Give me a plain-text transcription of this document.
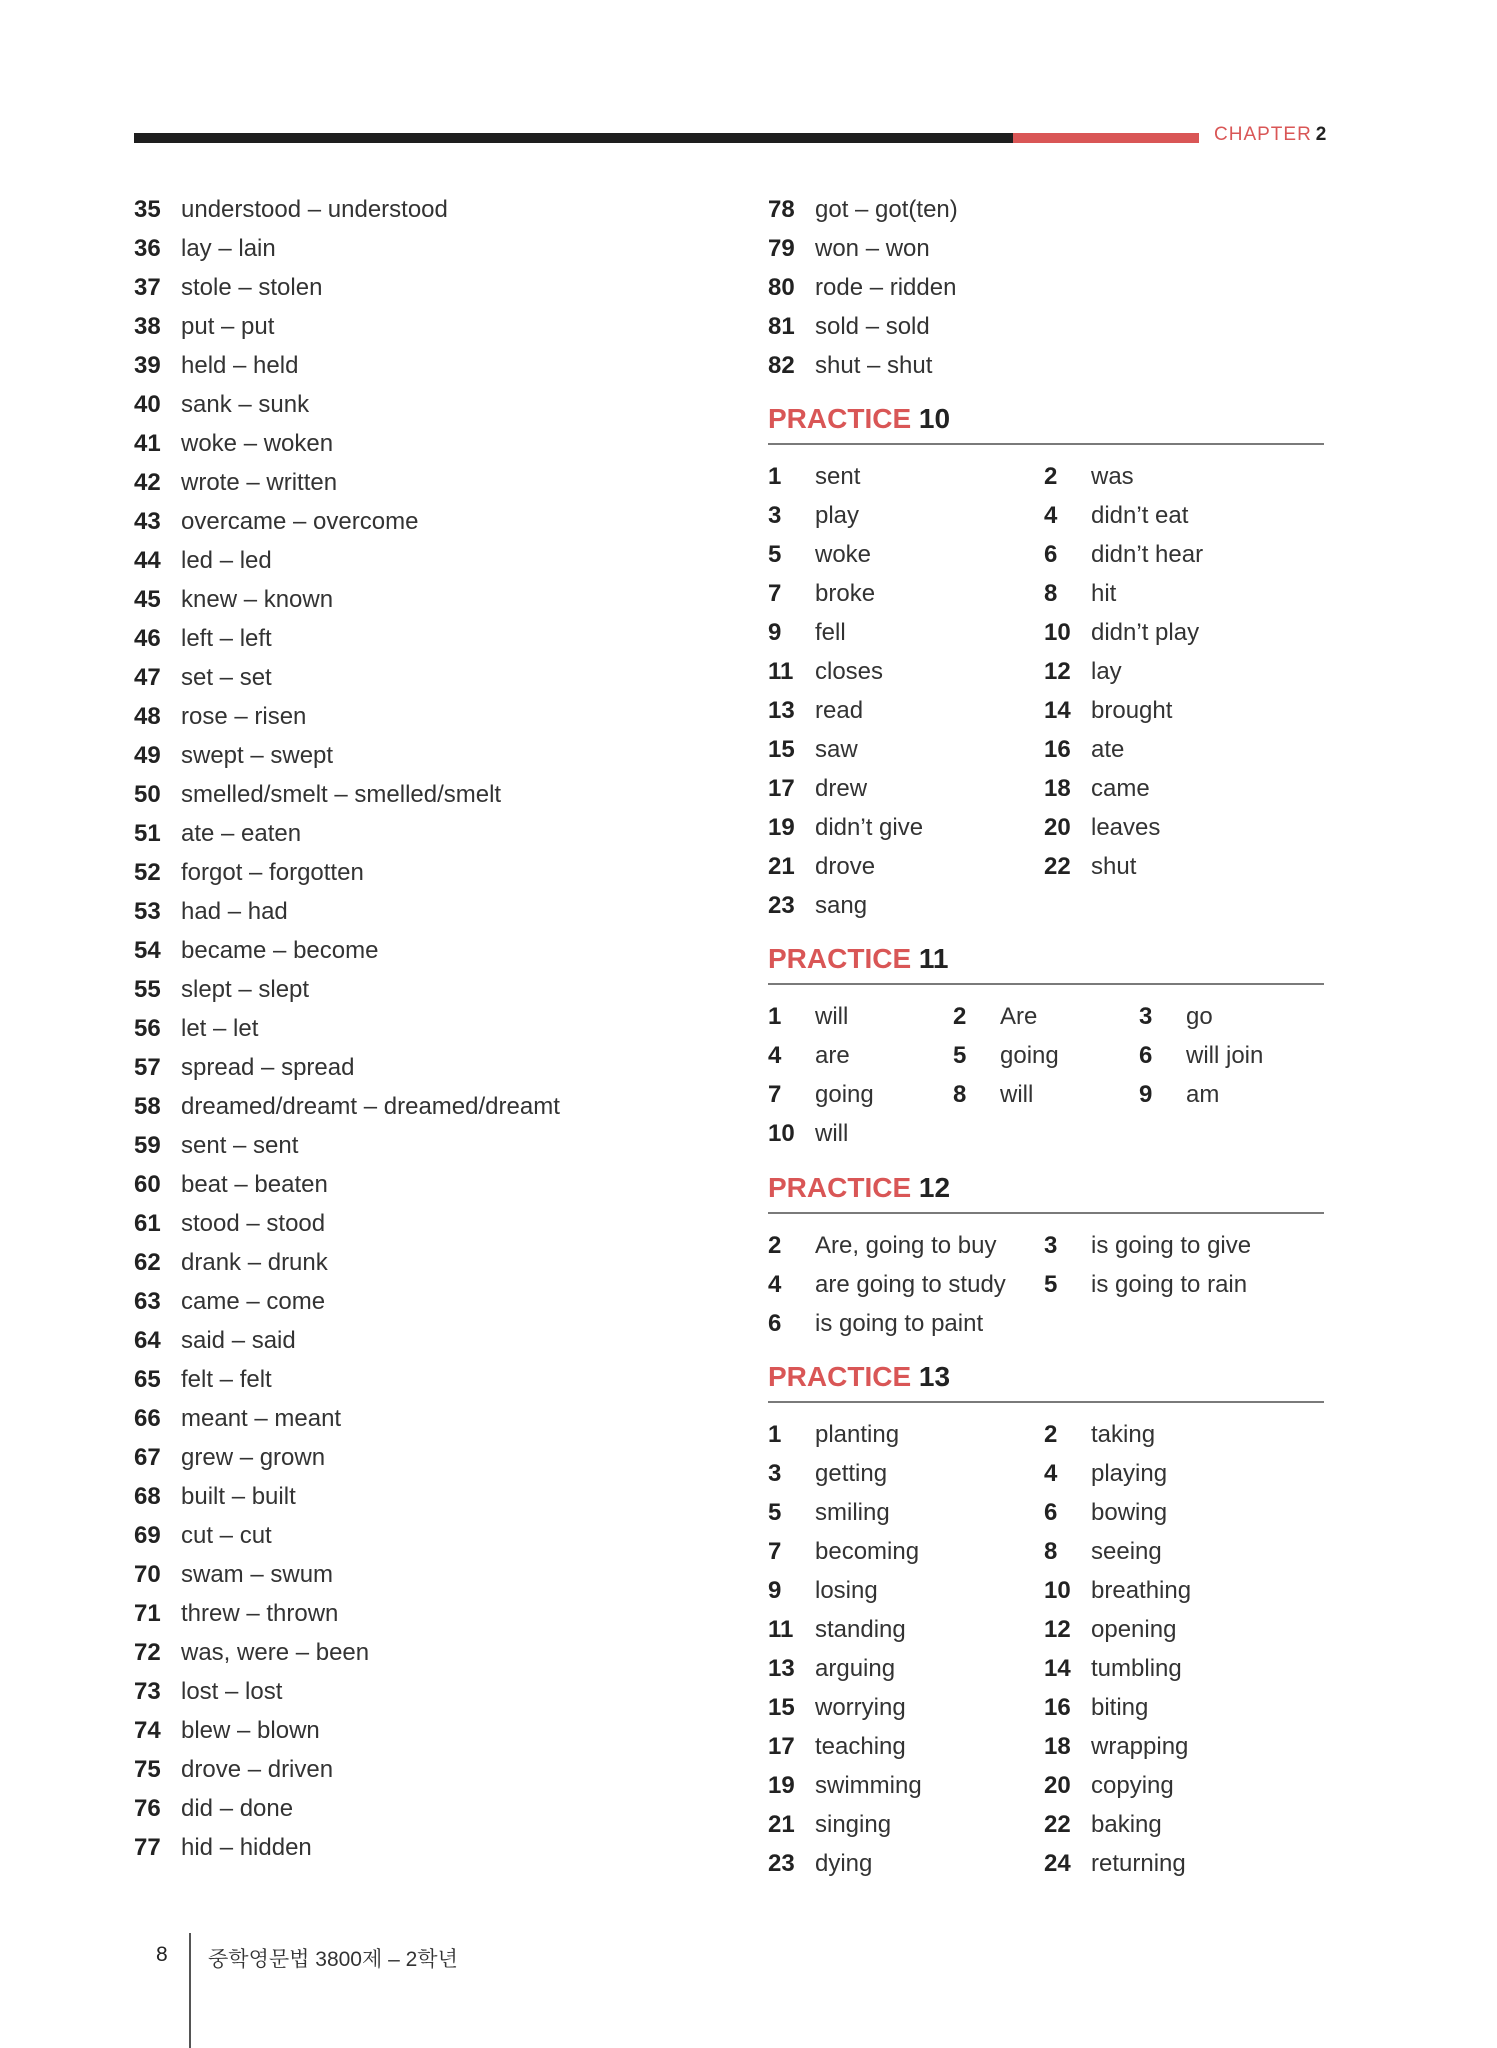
CHAPTER 2
35 understood – understood
36 lay – lain
37 stole – stolen
38 put – put
39 held – held
40 sank – sunk
41 woke – woken
42 wrote – written
43 overcame – overcome
44 led – led
45 knew – known
46 left – left
47 set – set
48 rose – risen
49 swept – swept
50 smelled/smelt – smelled/smelt
51 ate – eaten
52 forgot – forgotten
53 had – had
54 became – become
55 slept – slept
56 let – let
57 spread – spread
58 dreamed/dreamt – dreamed/dreamt
59 sent – sent
60 beat – beaten
61 stood – stood
62 drank – drunk
63 came – come
64 said – said
65 felt – felt
66 meant – meant
67 grew – grown
68 built – built
69 cut – cut
70 swam – swum
71 threw – thrown
72 was, were – been
73 lost – lost
74 blew – blown
75 drove – driven
76 did – done
77 hid – hidden
78 got – got(ten)
79 won – won
80 rode – ridden
81 sold – sold
82 shut – shut
PRACTICE 10
1 sent	2 was
3 play	4 didn’t eat
5 woke	6 didn’t hear
7 broke	8 hit
9 fell	10 didn’t play
11 closes	12 lay
13 read	14 brought
15 saw	16 ate
17 drew	18 came
19 didn’t give	20 leaves
21 drove	22 shut
23 sang
PRACTICE 11
1 will	2 Are	3 go
4 are	5 going	6 will join
7 going	8 will	9 am
10 will
PRACTICE 12
2 Are, going to buy 3 is going to give
4 are going to study 5 is going to rain
6 is going to paint
PRACTICE 13
1 planting	2 taking
3 getting	4 playing
5 smiling	6 bowing
7 becoming	8 seeing
9 losing	10 breathing
11 standing	12 opening
13 arguing	14 tumbling
15 worrying	16 biting
17 teaching	18 wrapping
19 swimming	20 copying
21 singing	22 baking
23 dying	24 returning
8 중학영문법 3800제 – 2학년
